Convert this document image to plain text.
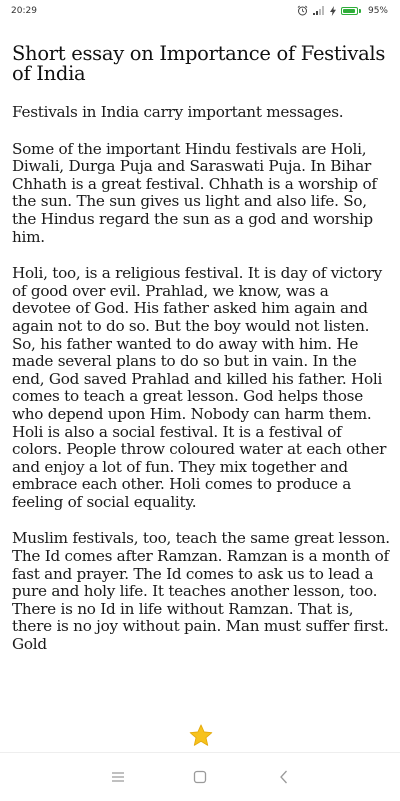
20:29	95%
Short essay on Importance of Festivals of India

Festivals in India carry important messages.

Some of the important Hindu festivals are Holi, Diwali, Durga Puja and Saraswati Puja. In Bihar Chhath is a great festival. Chhath is a worship of the sun. The sun gives us light and also life. So, the Hindus regard the sun as a god and worship him.

Holi, too, is a religious festival. It is day of victory of good over evil. Prahlad, we know, was a devotee of God. His father asked him again and again not to do so. But the boy would not listen. So, his father wanted to do away with him. He made several plans to do so but in vain. In the end, God saved Prahlad and killed his father. Holi comes to teach a great lesson. God helps those who depend upon Him. Nobody can harm them. Holi is also a social festival. It is a festival of colors. People throw coloured water at each other and enjoy a lot of fun. They mix together and embrace each other. Holi comes to produce a feeling of social equality.

Muslim festivals, too, teach the same great lesson. The Id comes after Ramzan. Ramzan is a month of fast and prayer. The Id comes to ask us to lead a pure and holy life. It teaches another lesson, too. There is no Id in life without Ramzan. That is, there is no joy without pain. Man must suffer first. Gold
